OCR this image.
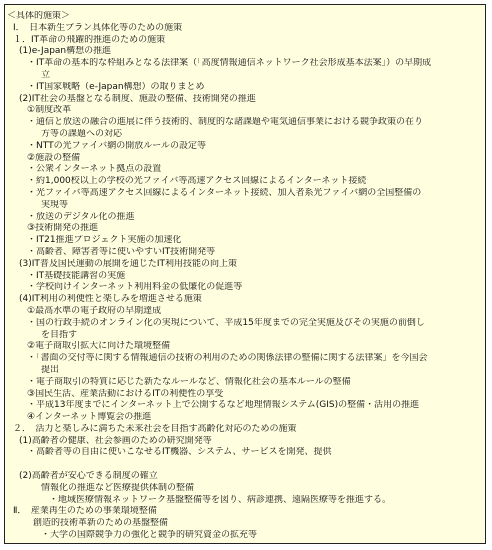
＜具体的施策＞
Ⅰ．　日本新生プラン具体化等のための施策
１．IT革命の飛躍的推進のための施策
(1)e-Japan構想の推進
・IT革命の基本的な枠組みとなる法律案（「高度情報通信ネットワーク社会形成基本法案」）の早期成
立
・IT国家戦略（e-Japan構想）の取りまとめ
(2)IT社会の基盤となる制度、施設の整備、技術開発の推進
①制度改革
・通信と放送の融合の進展に伴う技術的、制度的な諸課題や電気通信事業における競争政策の在り
方等の課題への対応
・NTTの光ファイバ網の開放ルールの設定等
②施設の整備
・公衆インターネット拠点の設置
・約1,000校以上の学校の光ファイバ等高速アクセス回線によるインターネット接続
・光ファイバ等高速アクセス回線によるインターネット接続、加入者系光ファイバ網の全国整備の
実現等
・放送のデジタル化の推進
③技術開発の推進
・IT21推進プロジェクト実施の加速化
・高齢者、障害者等に使いやすいIT技術開発等
(3)IT普及国民運動の展開を通じたIT利用技能の向上策
・IT基礎技能講習の実施
・学校向けインターネット利用料金の低廉化の促進等
(4)IT利用の利便性と楽しみを増進させる施策
①最高水準の電子政府の早期達成
・国の行政手続のオンライン化の実現について、平成15年度までの完全実施及びその実施の前倒し
を目指す
②電子商取引拡大に向けた環境整備
・「書面の交付等に関する情報通信の技術の利用のための関係法律の整備に関する法律案」を今国会
提出
・電子商取引の特質に応じた新たなルールなど、情報化社会の基本ルールの整備
③国民生活、産業活動におけるITの利便性の享受
・平成13年度までにインターネット上で公開するなど地理情報システム(GIS)の整備・活用の推進
④インターネット博覧会の推進
２．　活力と楽しみに満ちた未来社会を目指す高齢化対応のための施策
(1)高齢者の健康、社会参画のための研究開発等
・高齢者等の自由に使いこなせるIT機器、システム、サービスを開発、提供
(2)高齢者が安心できる制度の確立
情報化の推進など医療提供体制の整備
・地域医療情報ネットワーク基盤整備等を図り、病診連携、遠隔医療等を推進する。
Ⅱ．　産業再生のための事業環境整備
創造的技術革新のための基盤整備
・大学の国際競争力の強化と競争的研究資金の拡充等
